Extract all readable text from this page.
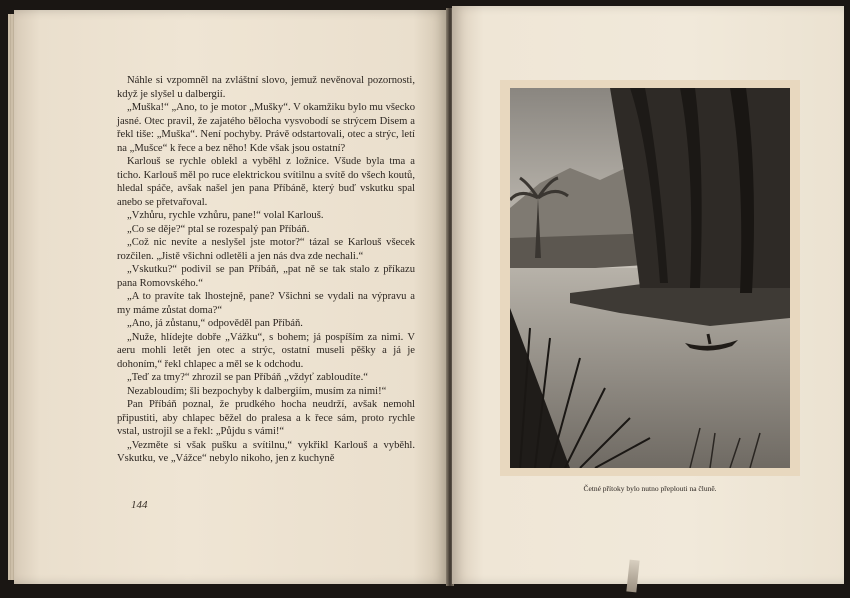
Náhle si vzpomněl na zvláštní slovo, jemuž nevěnoval pozornosti, když je slyšel u dalbergií.

„Muška!“ „Ano, to je motor „Mušky“. V okamžiku bylo mu všecko jasné. Otec pravil, že zajatého bělocha vysvobodí se strýcem Disem a řekl tiše: „Muška“. Není pochyby. Právě odstartovali, otec a strýc, letí na „Mušce“ k řece a bez něho! Kde však jsou ostatní?

Karlouš se rychle oblekl a vyběhl z ložnice. Všude byla tma a ticho. Karlouš měl po ruce elektrickou svítilnu a svítě do všech koutů, hledal spáče, avšak našel jen pana Příbáně, který buď vskutku spal anebo se přetvařoval.

„Vzhůru, rychle vzhůru, pane!“ volal Karlouš.

„Co se děje?“ ptal se rozespalý pan Příbáň.

„Což nic nevíte a neslyšel jste motor?“ tázal se Karlouš všecek rozčilen. „Jistě všichni odletěli a jen nás dva zde nechali.“

„Vskutku?“ podivil se pan Příbáň, „pat ně se tak stalo z příkazu pana Romovského.“

„A to pravíte tak lhostejně, pane? Všichni se vydali na výpravu a my máme zůstat doma?“

„Ano, já zůstanu,“ odpověděl pan Příbáň.

„Nuže, hlídejte dobře „Vážku“, s bohem; já pospíším za nimi. V aeru mohli letět jen otec a strýc, ostatní museli pěšky a já je dohoním,“ řekl chlapec a měl se k odchodu.

„Teď za tmy?“ zhrozil se pan Příbáň „vždyť zabloudíte.“

Nezabloudím; šli bezpochyby k dalbergiím, musím za nimi!“

Pan Příbáň poznal, že prudkého hocha neudrží, avšak nemohl připustiti, aby chlapec běžel do pralesa a k řece sám, proto rychle vstal, ustrojil se a řekl: „Půjdu s vámi!“

„Vezměte si však pušku a svítilnu,“ vykřikl Karlouš a vyběhl. Vskutku, ve „Vážce“ nebylo nikoho, jen z kuchyně

144
Četné přítoky bylo nutno přeplouti na čluně.
